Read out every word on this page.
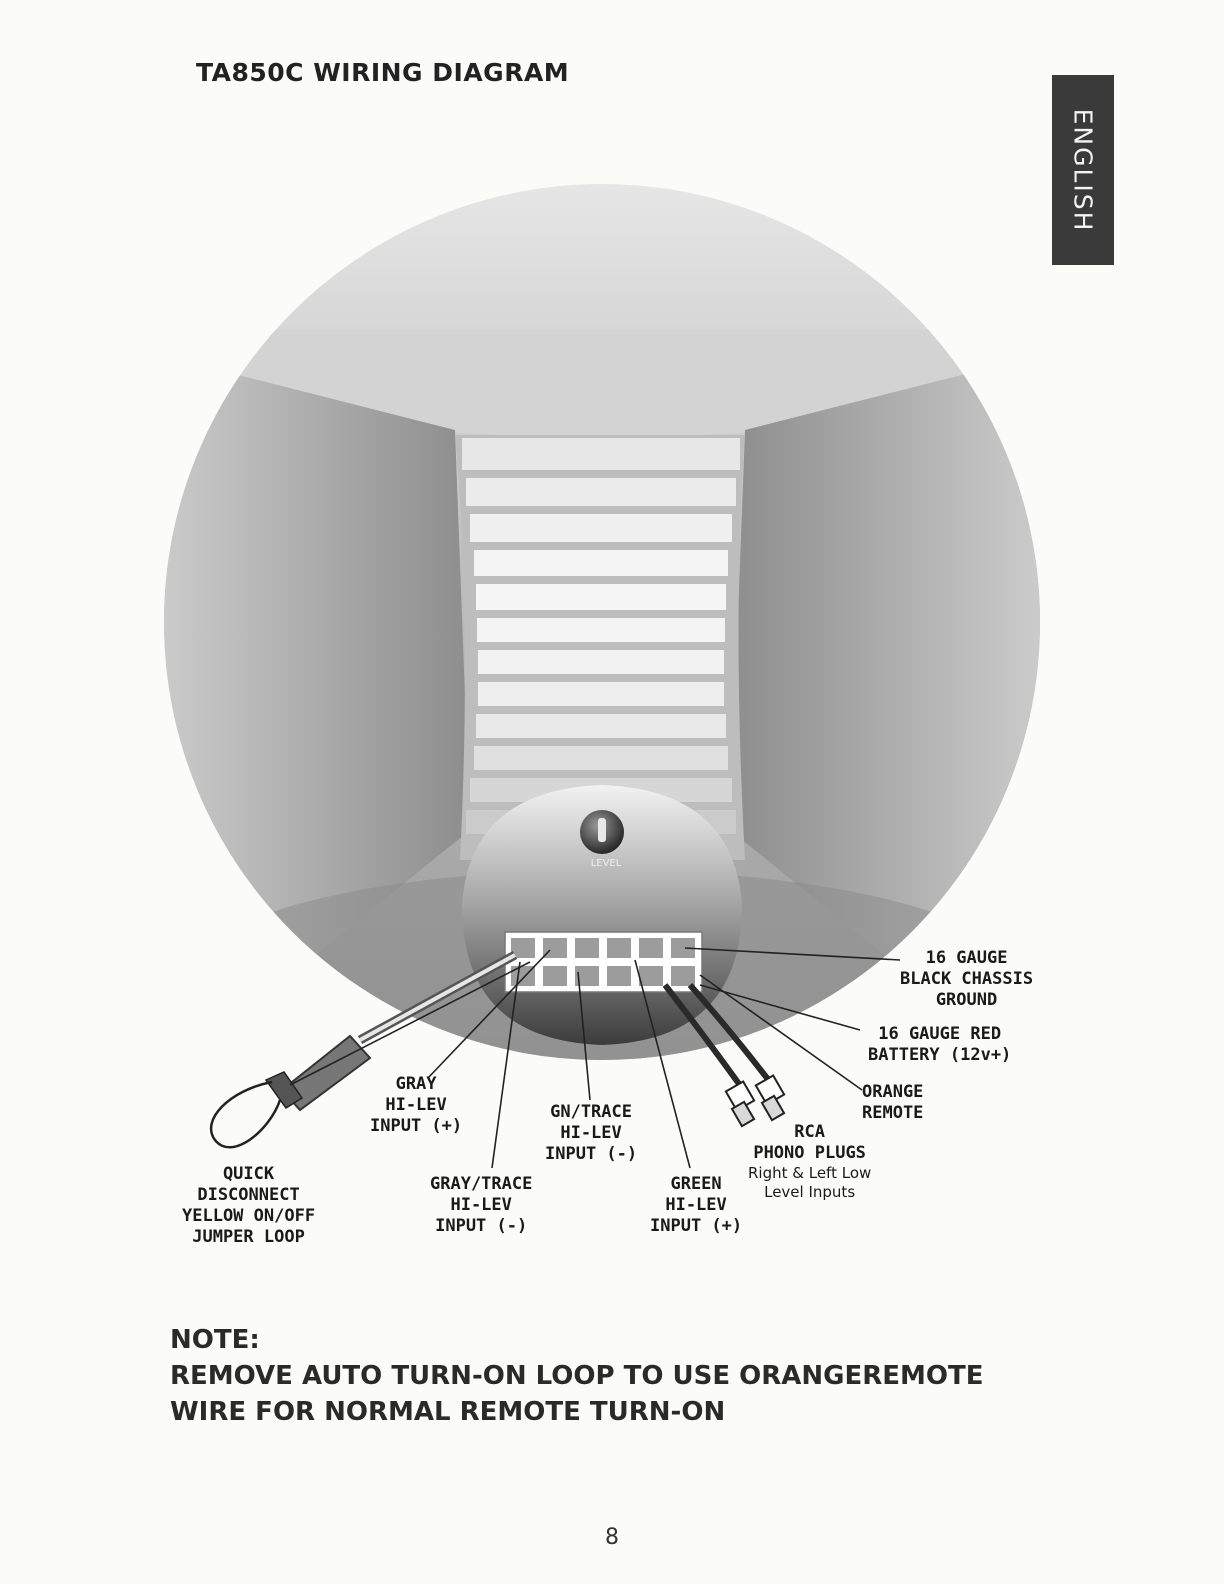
TA850C WIRING DIAGRAM
ENGLISH
LEVEL
16 GAUGE
BLACK CHASSIS
GROUND
16 GAUGE RED
BATTERY (12v+)
ORANGE
REMOTE
RCA
PHONO PLUGS
Right & Left Low
Level Inputs
GRAY
HI-LEV
INPUT (+)
GN/TRACE
HI-LEV
INPUT (-)
GRAY/TRACE
HI-LEV
INPUT (-)
GREEN
HI-LEV
INPUT (+)
QUICK
DISCONNECT
YELLOW ON/OFF
JUMPER LOOP
NOTE:
REMOVE AUTO TURN-ON LOOP TO USE ORANGEREMOTE
WIRE FOR NORMAL REMOTE TURN-ON
8
